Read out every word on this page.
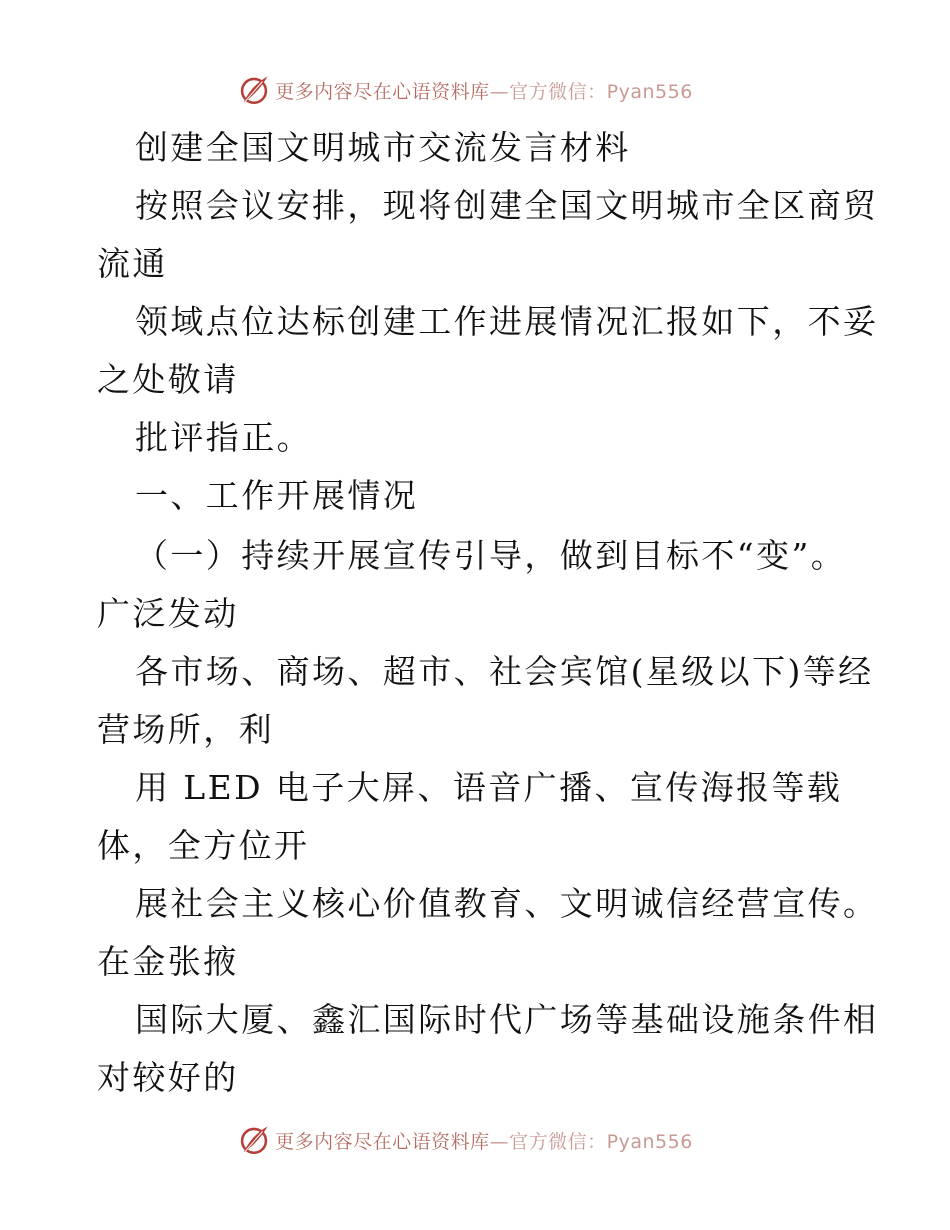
更多内容尽在心语资料库—官方微信：Pyan556
创建全国文明城市交流发言材料
按照会议安排，现将创建全国文明城市全区商贸
流通
领域点位达标创建工作进展情况汇报如下，不妥
之处敬请
批评指正。
一、工作开展情况
（一）持续开展宣传引导，做到目标不“变”。
广泛发动
各市场、商场、超市、社会宾馆(星级以下)等经
营场所，利
用 LED 电子大屏、语音广播、宣传海报等载
体，全方位开
展社会主义核心价值教育、文明诚信经营宣传。
在金张掖
国际大厦、鑫汇国际时代广场等基础设施条件相
对较好的
更多内容尽在心语资料库—官方微信：Pyan556
